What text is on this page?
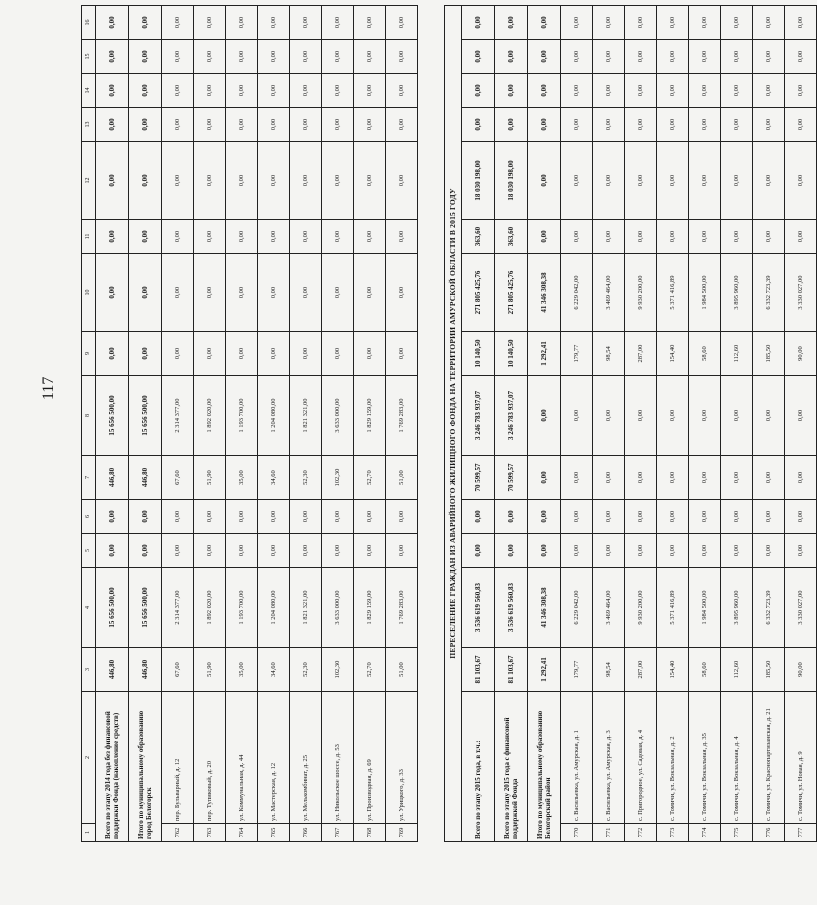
117
1	2	3	4	5	6	7	8	9	10	11	12	13	14	15	16
Всего по этапу 2014 года без финансовой поддержки Фонда (накопление средств)		446,80	15 656 500,00	0,00	0,00	446,80	15 656 500,00	0,00	0,00	0,00	0,00	0,00	0,00	0,00	0,00
Итого по муниципальному образованию город Белогорск		446,80	15 656 500,00	0,00	0,00	446,80	15 656 500,00	0,00	0,00	0,00	0,00	0,00	0,00	0,00	0,00
762	пер. Бульварный, д. 12	67,60	2 314 377,00	0,00	0,00	67,60	2 314 377,00	0,00	0,00	0,00	0,00	0,00	0,00	0,00	0,00
763	пер. Тупиковый, д. 20	51,90	1 892 020,00	0,00	0,00	51,90	1 892 020,00	0,00	0,00	0,00	0,00	0,00	0,00	0,00	0,00
764	ул. Коммунальная, д. 44	35,00	1 193 700,00	0,00	0,00	35,00	1 193 700,00	0,00	0,00	0,00	0,00	0,00	0,00	0,00	0,00
765	ул. Мастерская, д. 12	34,60	1 204 080,00	0,00	0,00	34,60	1 204 080,00	0,00	0,00	0,00	0,00	0,00	0,00	0,00	0,00
766	ул. Мелькомбинат, д. 25	52,30	1 821 321,00	0,00	0,00	52,30	1 821 321,00	0,00	0,00	0,00	0,00	0,00	0,00	0,00	0,00
767	ул. Никольское шоссе, д. 53	102,30	3 633 000,00	0,00	0,00	102,30	3 633 000,00	0,00	0,00	0,00	0,00	0,00	0,00	0,00	0,00
768	ул. Производная, д. 69	52,70	1 829 159,00	0,00	0,00	52,70	1 829 159,00	0,00	0,00	0,00	0,00	0,00	0,00	0,00	0,00
769	ул. Урицкого, д. 33	51,00	1 769 283,00	0,00	0,00	51,00	1 769 283,00	0,00	0,00	0,00	0,00	0,00	0,00	0,00	0,00

ПЕРЕСЕЛЕНИЕ ГРАЖДАН ИЗ АВАРИЙНОГО ЖИЛИЩНОГО ФОНДА НА ТЕРРИТОРИИ АМУРСКОЙ ОБЛАСТИ В 2015 ГОДУ															
Всего по этапу 2015 года, в т.ч.:		81 103,67	3 536 619 560,83	0,00	0,00	70 599,57	3 246 783 937,07	10 140,50	271 805 425,76	363,60	18 030 198,00	0,00	0,00	0,00	0,00
Всего по этапу 2015 года с финансовой поддержкой Фонда		81 103,67	3 536 619 560,83	0,00	0,00	70 599,57	3 246 783 937,07	10 140,50	271 805 425,76	363,60	18 030 198,00	0,00	0,00	0,00	0,00
Итого по муниципальному образованию Белогорский район		1 292,41	41 346 308,38	0,00	0,00	0,00	0,00	1 292,41	41 346 308,38	0,00	0,00	0,00	0,00	0,00	0,00
770	с. Васильевка, ул. Амурская, д. 1	179,77	6 229 042,00	0,00	0,00	0,00	0,00	179,77	6 229 042,00	0,00	0,00	0,00	0,00	0,00	0,00
771	с. Васильевка, ул. Амурская, д. 3	98,54	3 469 464,00	0,00	0,00	0,00	0,00	98,54	3 469 464,00	0,00	0,00	0,00	0,00	0,00	0,00
772	с. Пригородное, ул. Садовая, д. 4	287,00	9 930 200,00	0,00	0,00	0,00	0,00	287,00	9 930 200,00	0,00	0,00	0,00	0,00	0,00	0,00
773	с. Томичи, ул. Вокзальная, д. 2	154,40	5 371 416,89	0,00	0,00	0,00	0,00	154,40	5 371 416,89	0,00	0,00	0,00	0,00	0,00	0,00
774	с. Томичи, ул. Вокзальная, д. 35	58,60	1 984 500,00	0,00	0,00	0,00	0,00	58,60	1 984 500,00	0,00	0,00	0,00	0,00	0,00	0,00
775	с. Томичи, ул. Вокзальная, д. 4	112,60	3 895 960,00	0,00	0,00	0,00	0,00	112,60	3 895 960,00	0,00	0,00	0,00	0,00	0,00	0,00
776	с. Томичи, ул. Краснопартизанская, д. 21	185,50	6 332 723,39	0,00	0,00	0,00	0,00	185,50	6 332 723,39	0,00	0,00	0,00	0,00	0,00	0,00
777	с. Томичи, ул. Новая, д. 9	90,00	3 330 027,00	0,00	0,00	0,00	0,00	90,00	3 330 027,00	0,00	0,00	0,00	0,00	0,00	0,00
